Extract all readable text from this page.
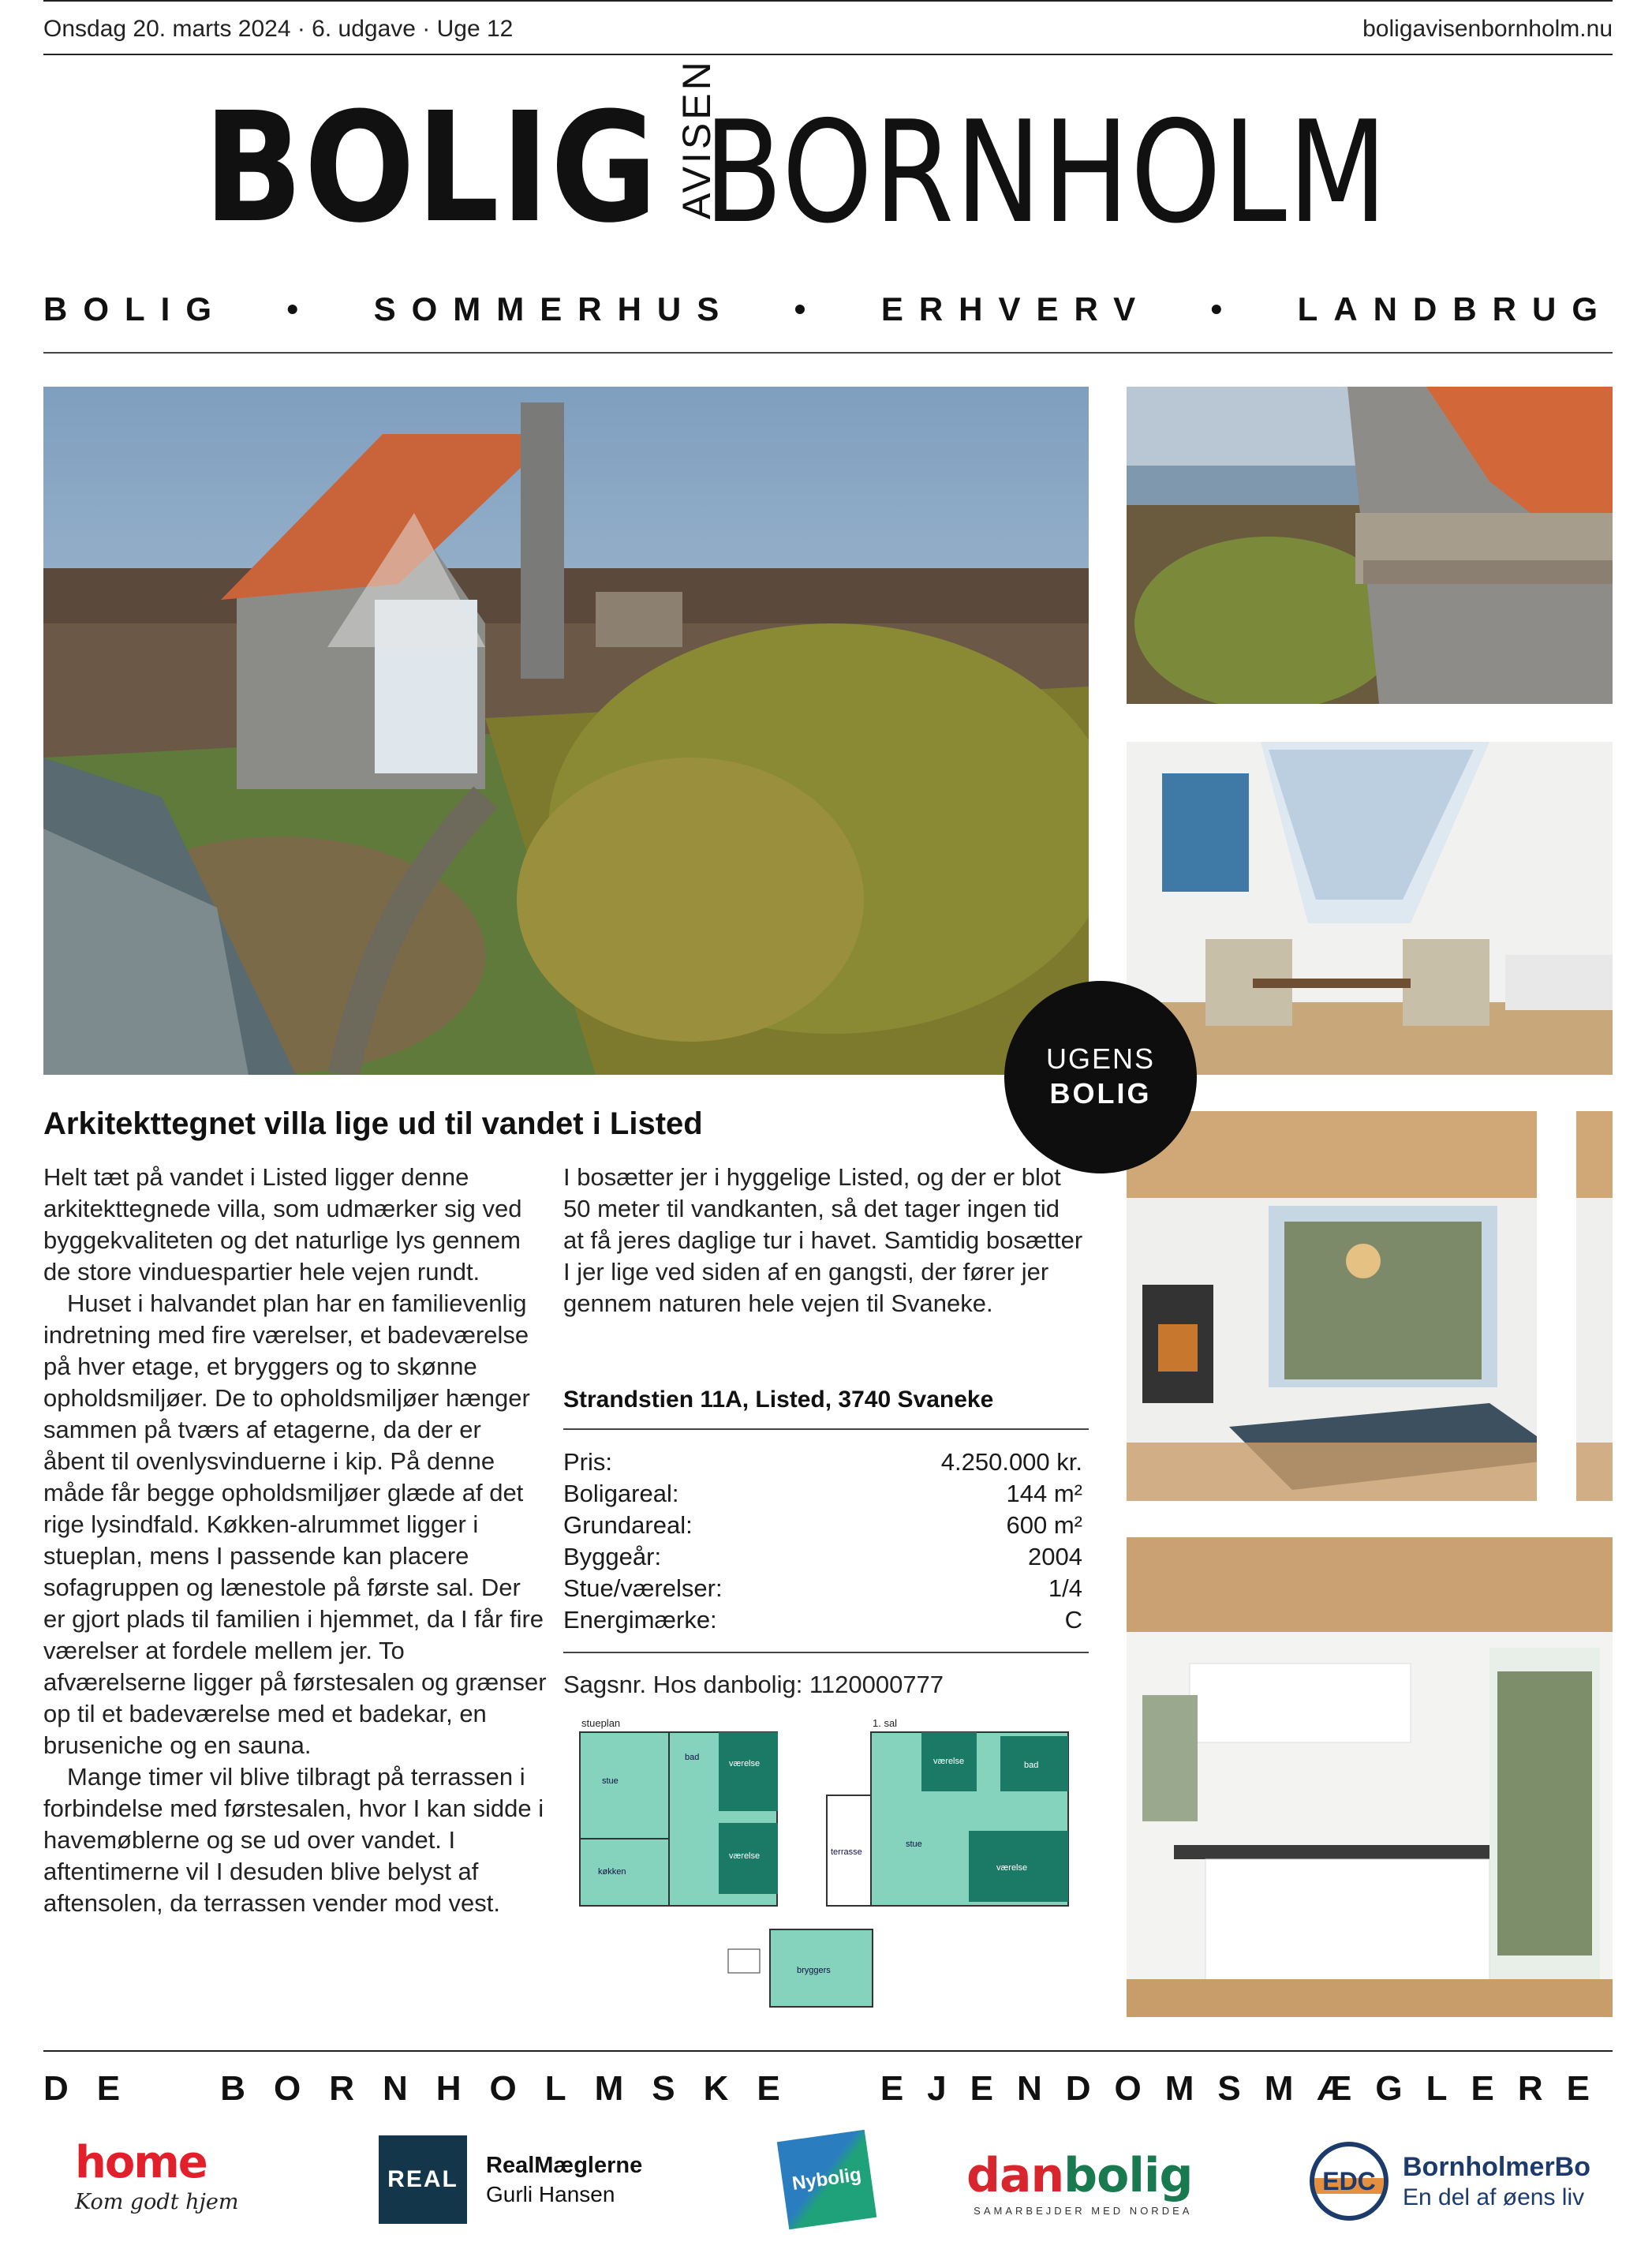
Onsdag 20. marts 2024 · 6. udgave · Uge 12	boligavisenbornholm.nu
BOLIG AVISEN
BORNHOLM
BOLIG • SOMMERHUS • ERHVERV • LANDBRUG
UGENS
BOLIG
Arkitekttegnet villa lige ud til vandet i Listed

Helt tæt på vandet i Listed ligger denne arkitekttegnede villa, som udmærker sig ved byggekvaliteten og det naturlige lys gennem de store vinduespartier hele vejen rundt.

Huset i halvandet plan har en familievenlig indretning med fire værelser, et badeværelse på hver etage, et bryggers og to skønne opholdsmiljøer. De to opholdsmiljøer hænger sammen på tværs af etagerne, da der er åbent til ovenlysvinduerne i kip. På denne måde får begge opholdsmiljøer glæde af det rige lysindfald. Køkken-alrummet ligger i stueplan, mens I passende kan placere sofagruppen og lænestole på første sal. Der er gjort plads til familien i hjemmet, da I får fire værelser at fordele mellem jer. To afværelserne ligger på førstesalen og grænser op til et badeværelse med et badekar, en bruseniche og en sauna.

Mange timer vil blive tilbragt på terrassen i forbindelse med førstesalen, hvor I kan sidde i havemøblerne og se ud over vandet. I aftentimerne vil I desuden blive belyst af aftensolen, da terrassen vender mod vest.

I bosætter jer i hyggelige Listed, og der er blot 50 meter til vandkanten, så det tager ingen tid at få jeres daglige tur i havet. Samtidig bosætter I jer lige ved siden af en gangsti, der fører jer gennem naturen hele vejen til Svaneke.

Strandstien 11A, Listed, 3740 Svaneke
Pris:	4.250.000 kr.
Boligareal:	144 m²
Grundareal:	600 m²
Byggeår:	2004
Stue/værelser:	1/4
Energimærke:	C
Sagsnr. Hos danbolig: 1120000777
stueplan
stue
køkken
værelse
værelse
bad
1. sal
værelse
værelse
bad
stue
terrasse
bryggers
DE BORNHOLMSKE EJENDOMSMÆGLERE
home
Kom godt hjem
REAL
RealMæglerne
Gurli Hansen	Nybolig danbolig
SAMARBEJDER MED NORDEA
EDC BornholmerBo
En del af øens liv
